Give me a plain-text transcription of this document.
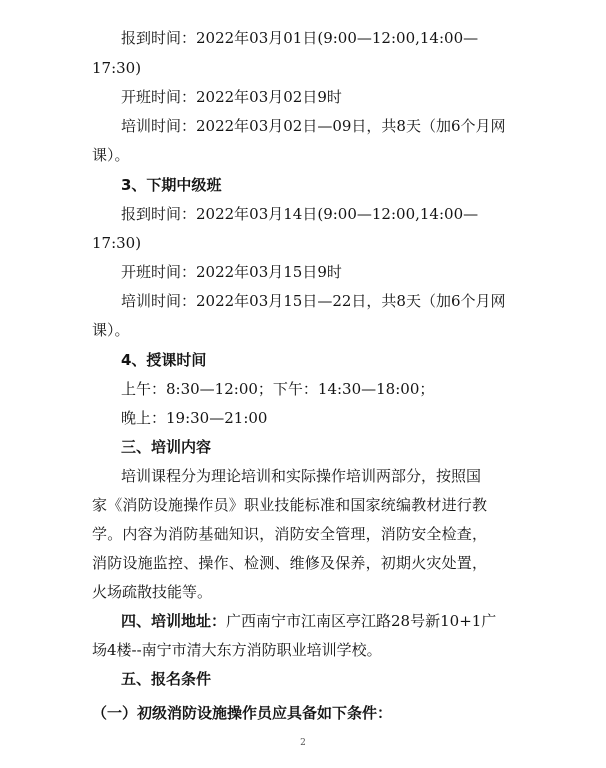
报到时间：2022年03月01日(9:00—12:00,14:00—
17:30)
开班时间：2022年03月02日9时
培训时间：2022年03月02日—09日，共8天（加6个月网
课）。
3、下期中级班
报到时间：2022年03月14日(9:00—12:00,14:00—
17:30)
开班时间：2022年03月15日9时
培训时间：2022年03月15日—22日，共8天（加6个月网
课）。
4、授课时间
上午：8:30—12:00；下午：14:30—18:00；
晚上：19:30—21:00
三、培训内容
培训课程分为理论培训和实际操作培训两部分，按照国
家《消防设施操作员》职业技能标准和国家统编教材进行教
学。内容为消防基础知识，消防安全管理，消防安全检查，
消防设施监控、操作、检测、维修及保养，初期火灾处置，
火场疏散技能等。
四、培训地址：广西南宁市江南区亭江路28号新10+1广
场4楼--南宁市清大东方消防职业培训学校。
五、报名条件
（一）初级消防设施操作员应具备如下条件：
2
